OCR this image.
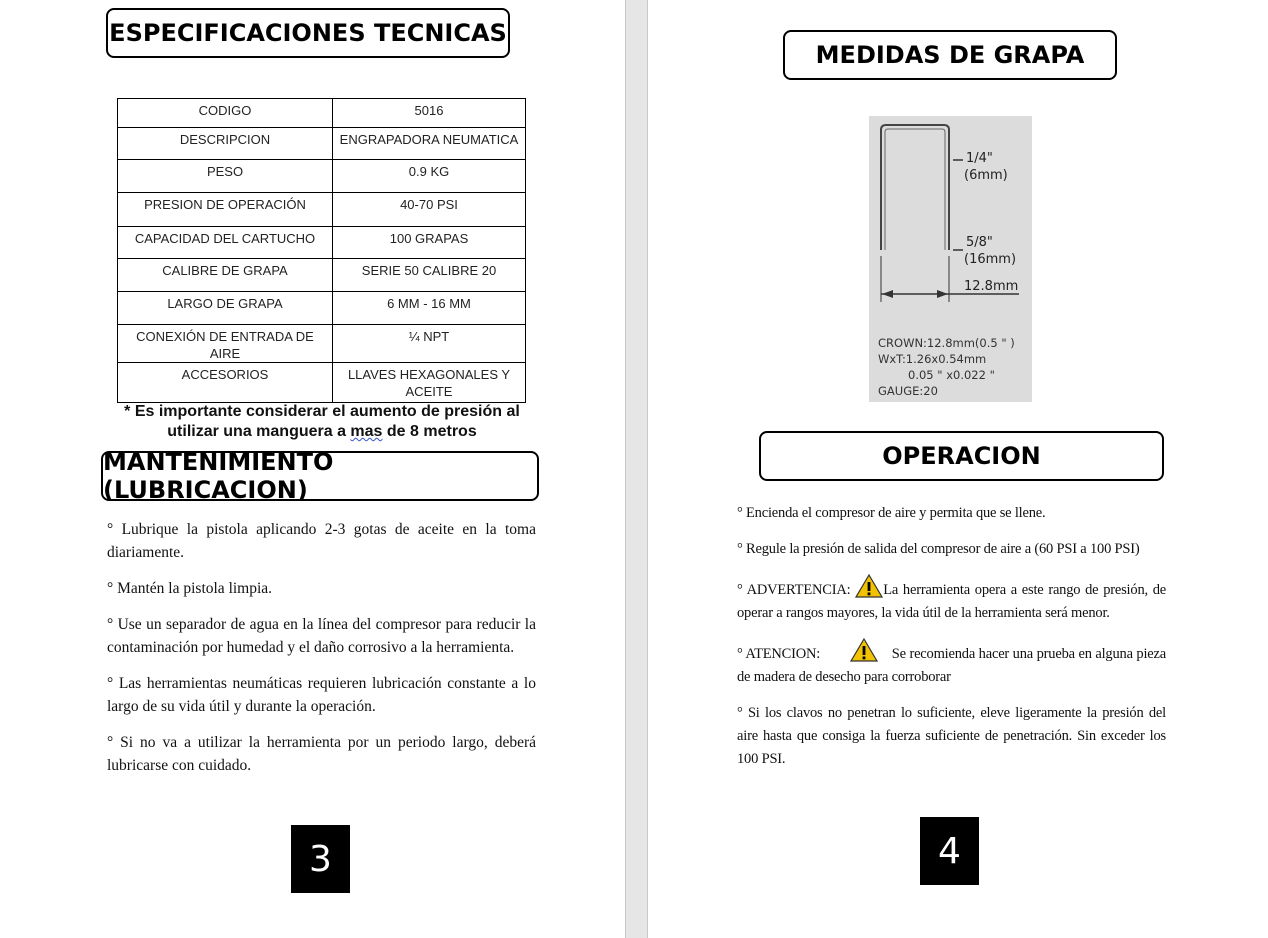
ESPECIFICACIONES TECNICAS
CODIGO	5016
DESCRIPCION	ENGRAPADORA NEUMATICA
PESO	0.9 KG
PRESION DE OPERACIÓN	40-70 PSI
CAPACIDAD DEL CARTUCHO	100 GRAPAS
CALIBRE DE GRAPA	SERIE 50 CALIBRE 20
LARGO DE GRAPA	6 MM - 16 MM
CONEXIÓN DE ENTRADA DE AIRE	¼ NPT
ACCESORIOS	LLAVES HEXAGONALES Y ACEITE
* Es importante considerar el aumento de presión al utilizar una manguera a mas de 8 metros
MANTENIMIENTO (LUBRICACION)

° Lubrique la pistola aplicando 2-3 gotas de aceite en la toma diariamente.

° Mantén la pistola limpia.

° Use un separador de agua en la línea del compresor para reducir la contaminación por humedad y el daño corrosivo a la herramienta.

° Las herramientas neumáticas requieren lubricación constante a lo largo de su vida útil y durante la operación.

° Si no va a utilizar la herramienta por un periodo largo, deberá lubricarse con cuidado.

3
MEDIDAS DE GRAPA
1/4"
(6mm)
5/8"
(16mm)
12.8mm
CROWN:12.8mm(0.5 " )
WxT:1.26x0.54mm
0.05 " x0.022 "
GAUGE:20
OPERACION

° Encienda el compresor de aire y permita que se llene.

° Regule la presión de salida del compresor de aire a (60 PSI a 100 PSI)

° ADVERTENCIA: La herramienta opera a este rango de presión, de operar a rangos mayores, la vida útil de la herramienta será menor.

° ATENCION:	Se recomienda hacer una prueba en alguna pieza de madera de desecho para corroborar

° Si los clavos no penetran lo suficiente, eleve ligeramente la presión del aire hasta que consiga la fuerza suficiente de penetración. Sin exceder los 100 PSI.

4
